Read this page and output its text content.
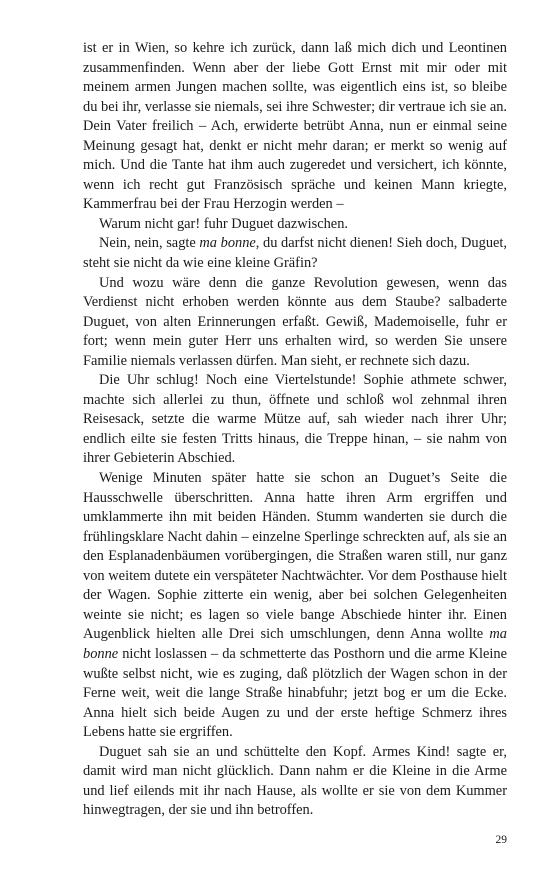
ist er in Wien, so kehre ich zurück, dann laß mich dich und Leontinen zusammenfinden. Wenn aber der liebe Gott Ernst mit mir oder mit meinem armen Jungen machen sollte, was eigentlich eins ist, so bleibe du bei ihr, verlasse sie niemals, sei ihre Schwester; dir vertraue ich sie an. Dein Vater freilich – Ach, erwiderte betrübt Anna, nun er einmal seine Meinung gesagt hat, denkt er nicht mehr daran; er merkt so wenig auf mich. Und die Tante hat ihm auch zugeredet und versichert, ich könnte, wenn ich recht gut Französisch spräche und keinen Mann kriegte, Kammerfrau bei der Frau Herzogin werden –

Warum nicht gar! fuhr Duguet dazwischen.

Nein, nein, sagte ma bonne, du darfst nicht dienen! Sieh doch, Duguet, steht sie nicht da wie eine kleine Gräfin?

Und wozu wäre denn die ganze Revolution gewesen, wenn das Verdienst nicht erhoben werden könnte aus dem Staube? salbaderte Duguet, von alten Erinnerungen erfaßt. Gewiß, Mademoiselle, fuhr er fort; wenn mein guter Herr uns erhalten wird, so werden Sie unsere Familie niemals verlassen dürfen. Man sieht, er rechnete sich dazu.

Die Uhr schlug! Noch eine Viertelstunde! Sophie athmete schwer, machte sich allerlei zu thun, öffnete und schloß wol zehnmal ihren Reisesack, setzte die warme Mütze auf, sah wieder nach ihrer Uhr; endlich eilte sie festen Tritts hinaus, die Treppe hinan, – sie nahm von ihrer Gebieterin Abschied.

Wenige Minuten später hatte sie schon an Duguet’s Seite die Hausschwelle überschritten. Anna hatte ihren Arm ergriffen und umklammerte ihn mit beiden Händen. Stumm wanderten sie durch die frühlingsklare Nacht dahin – einzelne Sperlinge schreckten auf, als sie an den Esplanadenbäumen vorübergingen, die Straßen waren still, nur ganz von weitem dutete ein verspäteter Nachtwächter. Vor dem Posthause hielt der Wagen. Sophie zitterte ein wenig, aber bei solchen Gelegenheiten weinte sie nicht; es lagen so viele bange Abschiede hinter ihr. Einen Augenblick hielten alle Drei sich umschlungen, denn Anna wollte ma bonne nicht loslassen – da schmetterte das Posthorn und die arme Kleine wußte selbst nicht, wie es zuging, daß plötzlich der Wagen schon in der Ferne weit, weit die lange Straße hinabfuhr; jetzt bog er um die Ecke. Anna hielt sich beide Augen zu und der erste heftige Schmerz ihres Lebens hatte sie ergriffen.

Duguet sah sie an und schüttelte den Kopf. Armes Kind! sagte er, damit wird man nicht glücklich. Dann nahm er die Kleine in die Arme und lief eilends mit ihr nach Hause, als wollte er sie von dem Kummer hinwegtragen, der sie und ihn betroffen.

29
